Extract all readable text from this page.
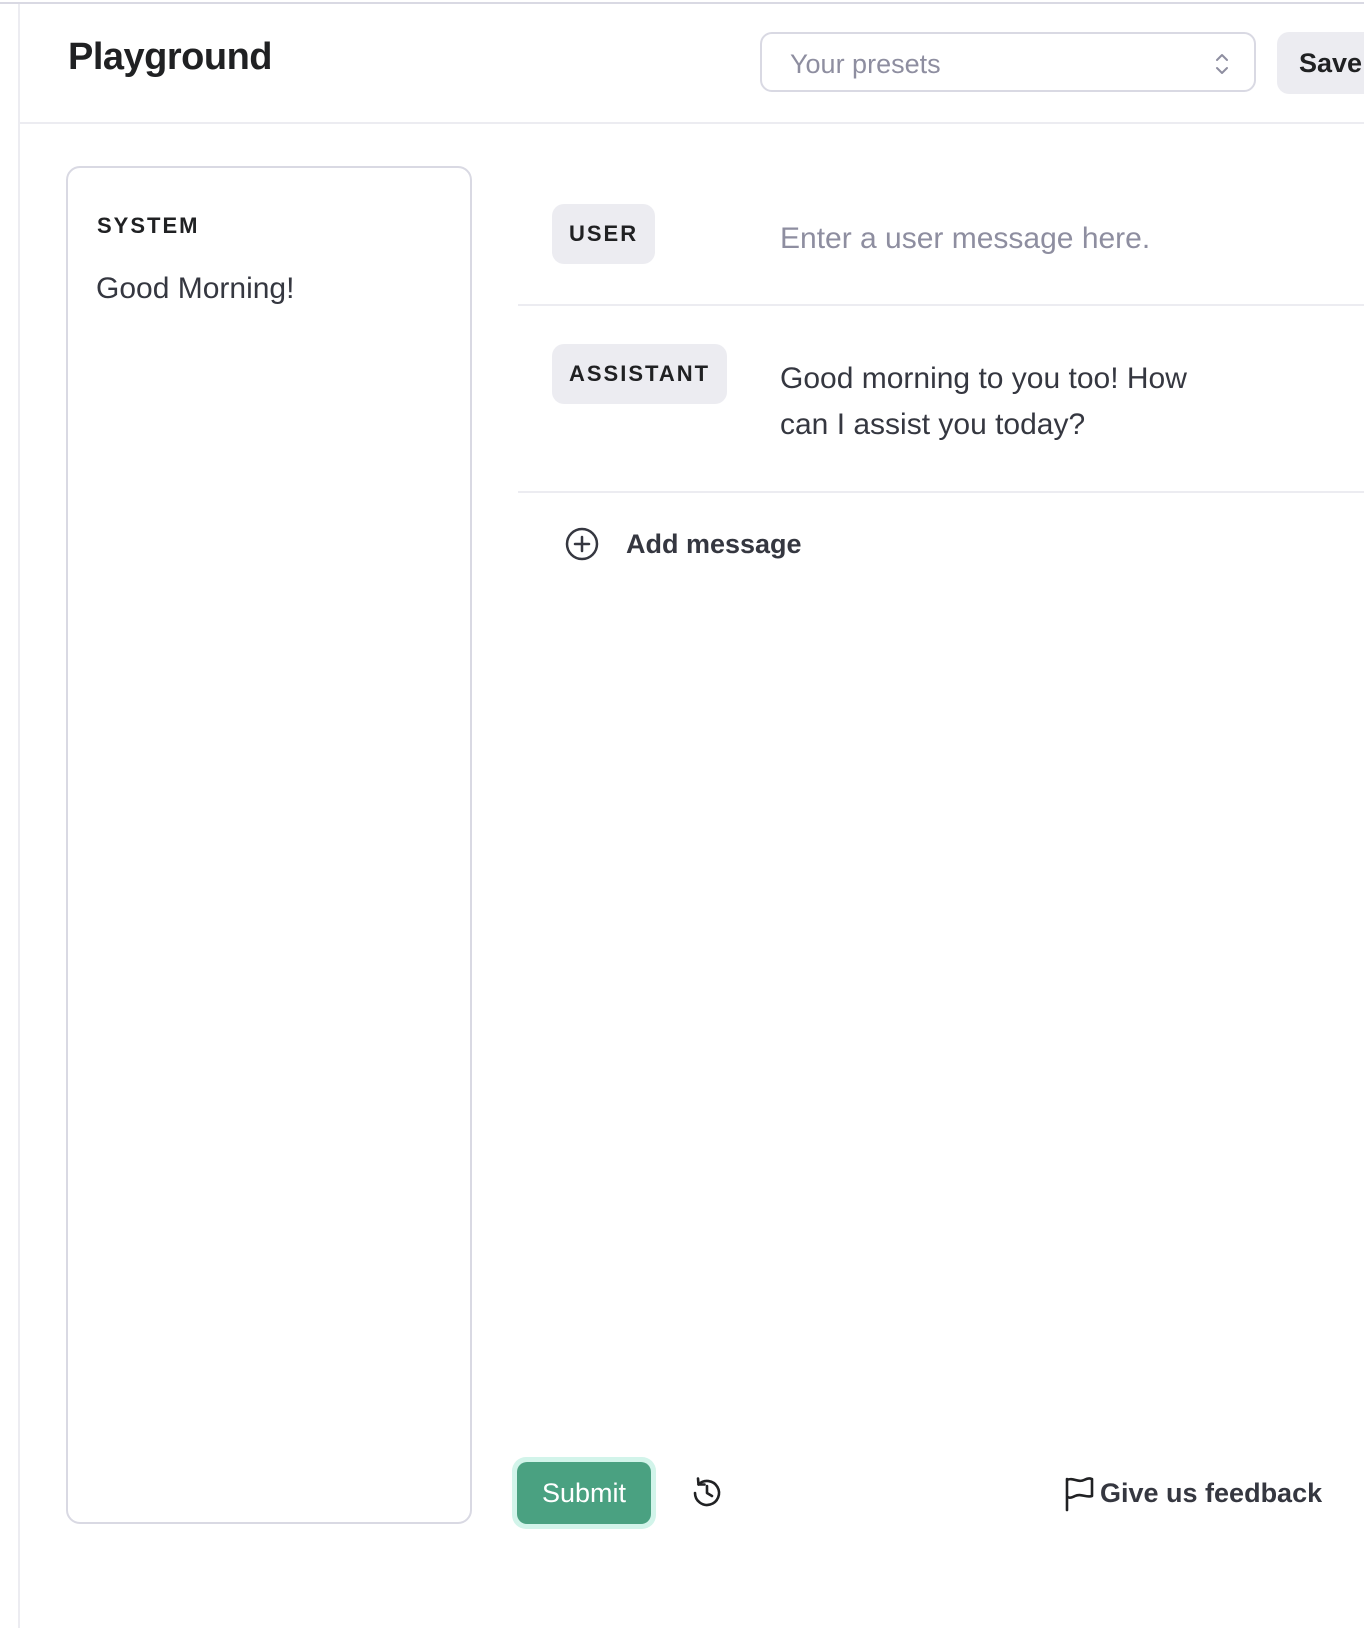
Playground	Your presets	Save
SYSTEM
Good Morning!
USER	Enter a user message here.
ASSISTANT	Good morning to you too! How can I assist you today?
Add message
Submit	Give us feedback
